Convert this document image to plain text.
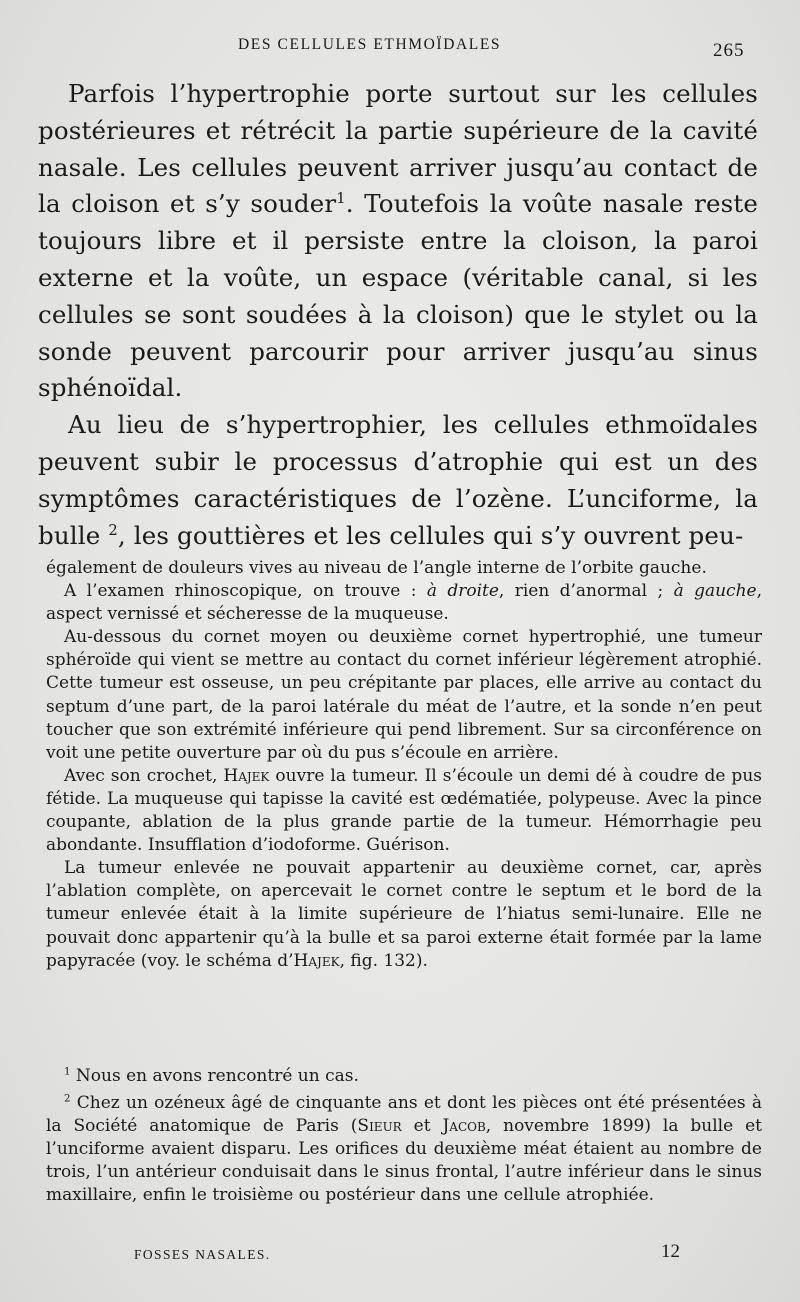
DES CELLULES ETHMOÏDALES	265

Parfois l’hypertrophie porte surtout sur les cellules postérieures et rétrécit la partie supérieure de la cavité nasale. Les cellules peuvent arriver jusqu’au contact de la cloison et s’y souder$^1$. Toutefois la voûte nasale reste toujours libre et il persiste entre la cloison, la paroi externe et la voûte, un espace (véritable canal, si les cellules se sont soudées à la cloison) que le stylet ou la sonde peuvent parcourir pour arriver jusqu’au sinus sphénoïdal.

Au lieu de s’hypertrophier, les cellules ethmoïdales peuvent subir le processus d’atrophie qui est un des symptômes caractéristiques de l’ozène. L’unciforme, la bulle $^2$, les gouttières et les cellules qui s’y ouvrent peu-

également de douleurs vives au niveau de l’angle interne de l’orbite gauche.

A l’examen rhinoscopique, on trouve : à droite, rien d’anormal ; à gauche, aspect vernissé et sécheresse de la muqueuse.

Au-dessous du cornet moyen ou deuxième cornet hypertrophié, une tumeur sphéroïde qui vient se mettre au contact du cornet inférieur légèrement atrophié. Cette tumeur est osseuse, un peu crépitante par places, elle arrive au contact du septum d’une part, de la paroi latérale du méat de l’autre, et la sonde n’en peut toucher que son extrémité inférieure qui pend librement. Sur sa circonférence on voit une petite ouverture par où du pus s’écoule en arrière.

Avec son crochet, Hajek ouvre la tumeur. Il s’écoule un demi dé à coudre de pus fétide. La muqueuse qui tapisse la cavité est œdématiée, polypeuse. Avec la pince coupante, ablation de la plus grande partie de la tumeur. Hémorrhagie peu abondante. Insufflation d’iodoforme. Guérison.

La tumeur enlevée ne pouvait appartenir au deuxième cornet, car, après l’ablation complète, on apercevait le cornet contre le septum et le bord de la tumeur enlevée était à la limite supérieure de l’hiatus semi-lunaire. Elle ne pouvait donc appartenir qu’à la bulle et sa paroi externe était formée par la lame papyracée (voy. le schéma d’Hajek, fig. 132).

$^1$ Nous en avons rencontré un cas.

$^2$ Chez un ozéneux âgé de cinquante ans et dont les pièces ont été présentées à la Société anatomique de Paris (Sieur et Jacob, novembre 1899) la bulle et l’unciforme avaient disparu. Les orifices du deuxième méat étaient au nombre de trois, l’un antérieur conduisait dans le sinus frontal, l’autre inférieur dans le sinus maxillaire, enfin le troisième ou postérieur dans une cellule atrophiée.

FOSSES NASALES.	12
